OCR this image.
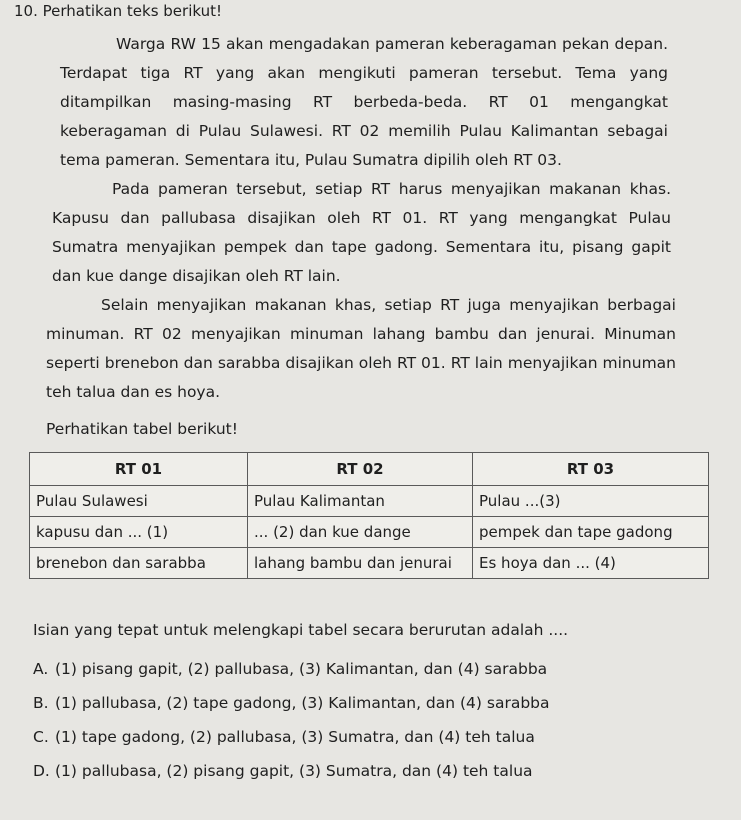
10. Perhatikan teks berikut!

Warga RW 15 akan mengadakan pameran keberagaman pekan depan. Terdapat tiga RT yang akan mengikuti pameran tersebut. Tema yang ditampilkan masing-masing RT berbeda-beda. RT 01 mengangkat keberagaman di Pulau Sulawesi. RT 02 memilih Pulau Kalimantan sebagai tema pameran. Sementara itu, Pulau Sumatra dipilih oleh RT 03.

Pada pameran tersebut, setiap RT harus menyajikan makanan khas. Kapusu dan pallubasa disajikan oleh RT 01. RT yang mengangkat Pulau Sumatra menyajikan pempek dan tape gadong. Sementara itu, pisang gapit dan kue dange disajikan oleh RT lain.

Selain menyajikan makanan khas, setiap RT juga menyajikan berbagai minuman. RT 02 menyajikan minuman lahang bambu dan jenurai. Minuman seperti brenebon dan sarabba disajikan oleh RT 01. RT lain menyajikan minuman teh talua dan es hoya.

Perhatikan tabel berikut!
RT 01	RT 02	RT 03
Pulau Sulawesi	Pulau Kalimantan	Pulau ...(3)
kapusu dan ... (1)	... (2) dan kue dange	pempek dan tape gadong
brenebon dan sarabba	lahang bambu dan jenurai	Es hoya dan ... (4)
Isian yang tepat untuk melengkapi tabel secara berurutan adalah ....
A. (1) pisang gapit, (2) pallubasa, (3) Kalimantan, dan (4) sarabba
B. (1) pallubasa, (2) tape gadong, (3) Kalimantan, dan (4) sarabba
C. (1) tape gadong, (2) pallubasa, (3) Sumatra, dan (4) teh talua
D. (1) pallubasa, (2) pisang gapit, (3) Sumatra, dan (4) teh talua
